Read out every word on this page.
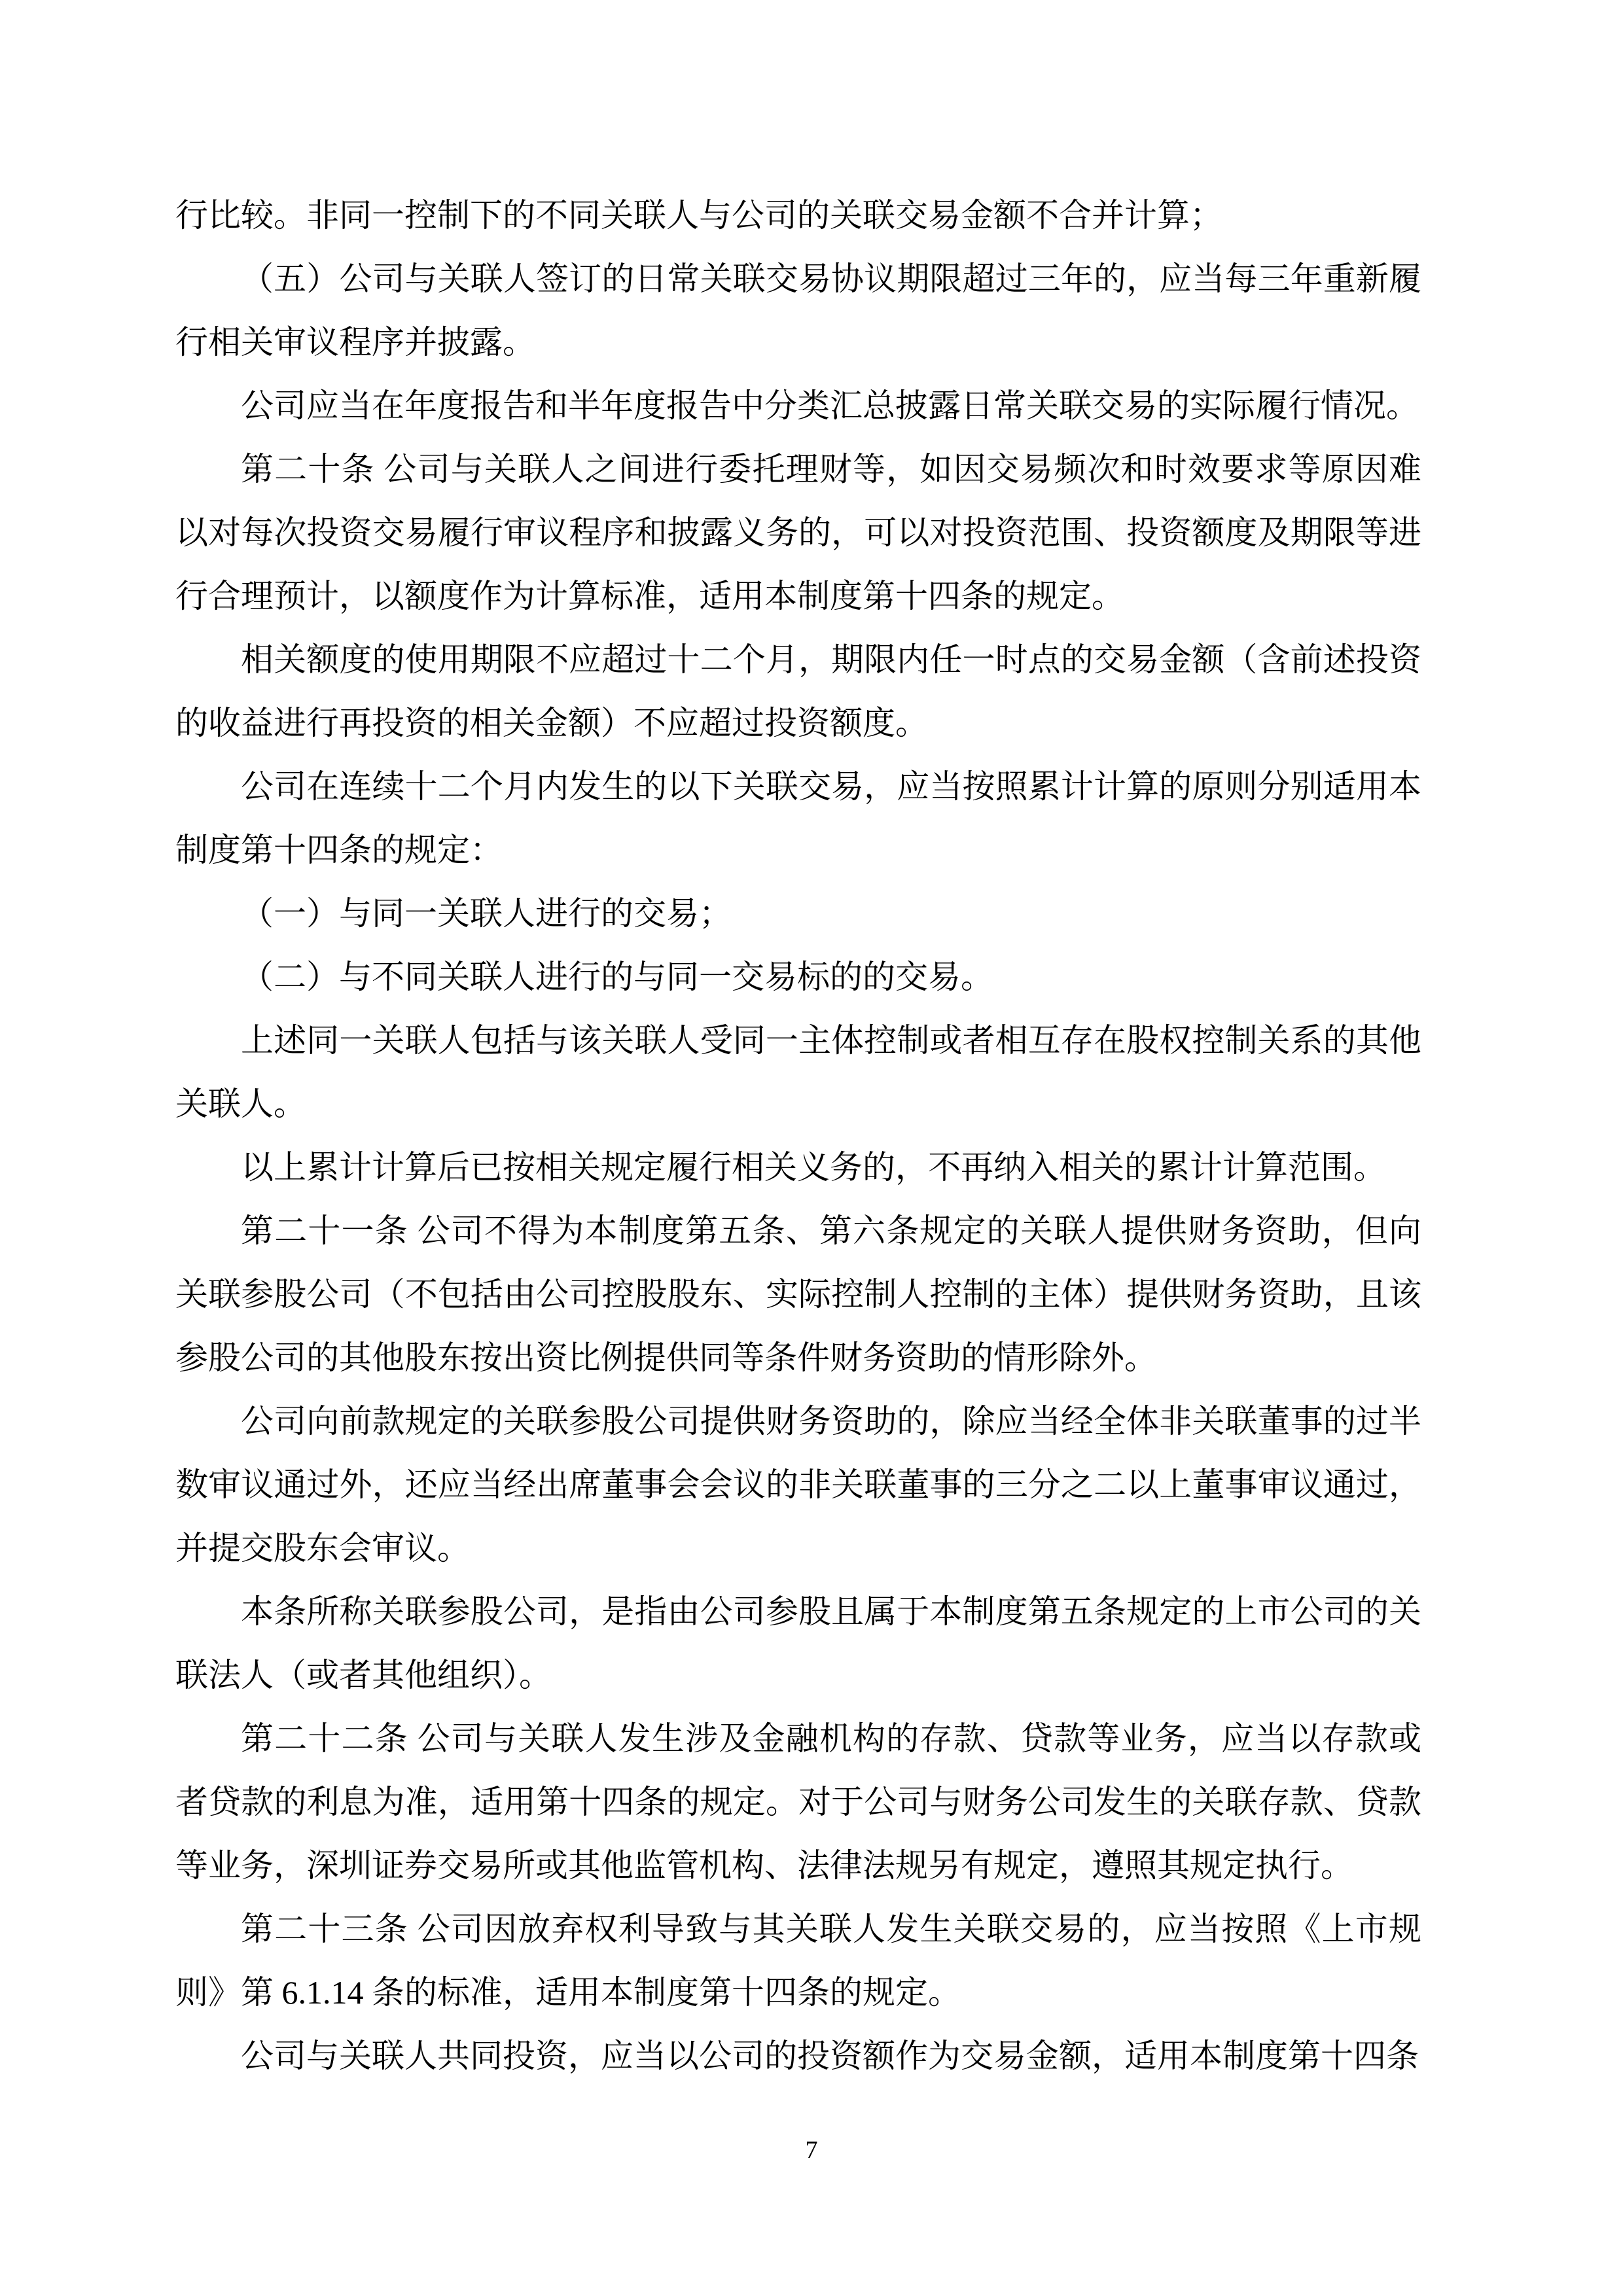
行比较。非同一控制下的不同关联人与公司的关联交易金额不合并计算；

（五）公司与关联人签订的日常关联交易协议期限超过三年的，应当每三年重新履行相关审议程序并披露。

公司应当在年度报告和半年度报告中分类汇总披露日常关联交易的实际履行情况。

第二十条 公司与关联人之间进行委托理财等，如因交易频次和时效要求等原因难以对每次投资交易履行审议程序和披露义务的，可以对投资范围、投资额度及期限等进行合理预计，以额度作为计算标准，适用本制度第十四条的规定。

相关额度的使用期限不应超过十二个月，期限内任一时点的交易金额（含前述投资的收益进行再投资的相关金额）不应超过投资额度。

公司在连续十二个月内发生的以下关联交易，应当按照累计计算的原则分别适用本制度第十四条的规定：

（一）与同一关联人进行的交易；

（二）与不同关联人进行的与同一交易标的的交易。

上述同一关联人包括与该关联人受同一主体控制或者相互存在股权控制关系的其他关联人。

以上累计计算后已按相关规定履行相关义务的，不再纳入相关的累计计算范围。

第二十一条 公司不得为本制度第五条、第六条规定的关联人提供财务资助，但向关联参股公司（不包括由公司控股股东、实际控制人控制的主体）提供财务资助，且该参股公司的其他股东按出资比例提供同等条件财务资助的情形除外。

公司向前款规定的关联参股公司提供财务资助的，除应当经全体非关联董事的过半数审议通过外，还应当经出席董事会会议的非关联董事的三分之二以上董事审议通过，并提交股东会审议。

本条所称关联参股公司，是指由公司参股且属于本制度第五条规定的上市公司的关联法人（或者其他组织）。

第二十二条 公司与关联人发生涉及金融机构的存款、贷款等业务，应当以存款或者贷款的利息为准，适用第十四条的规定。对于公司与财务公司发生的关联存款、贷款等业务，深圳证券交易所或其他监管机构、法律法规另有规定，遵照其规定执行。

第二十三条 公司因放弃权利导致与其关联人发生关联交易的，应当按照《上市规则》第 6.1.14 条的标准，适用本制度第十四条的规定。

公司与关联人共同投资，应当以公司的投资额作为交易金额，适用本制度第十四条

7
